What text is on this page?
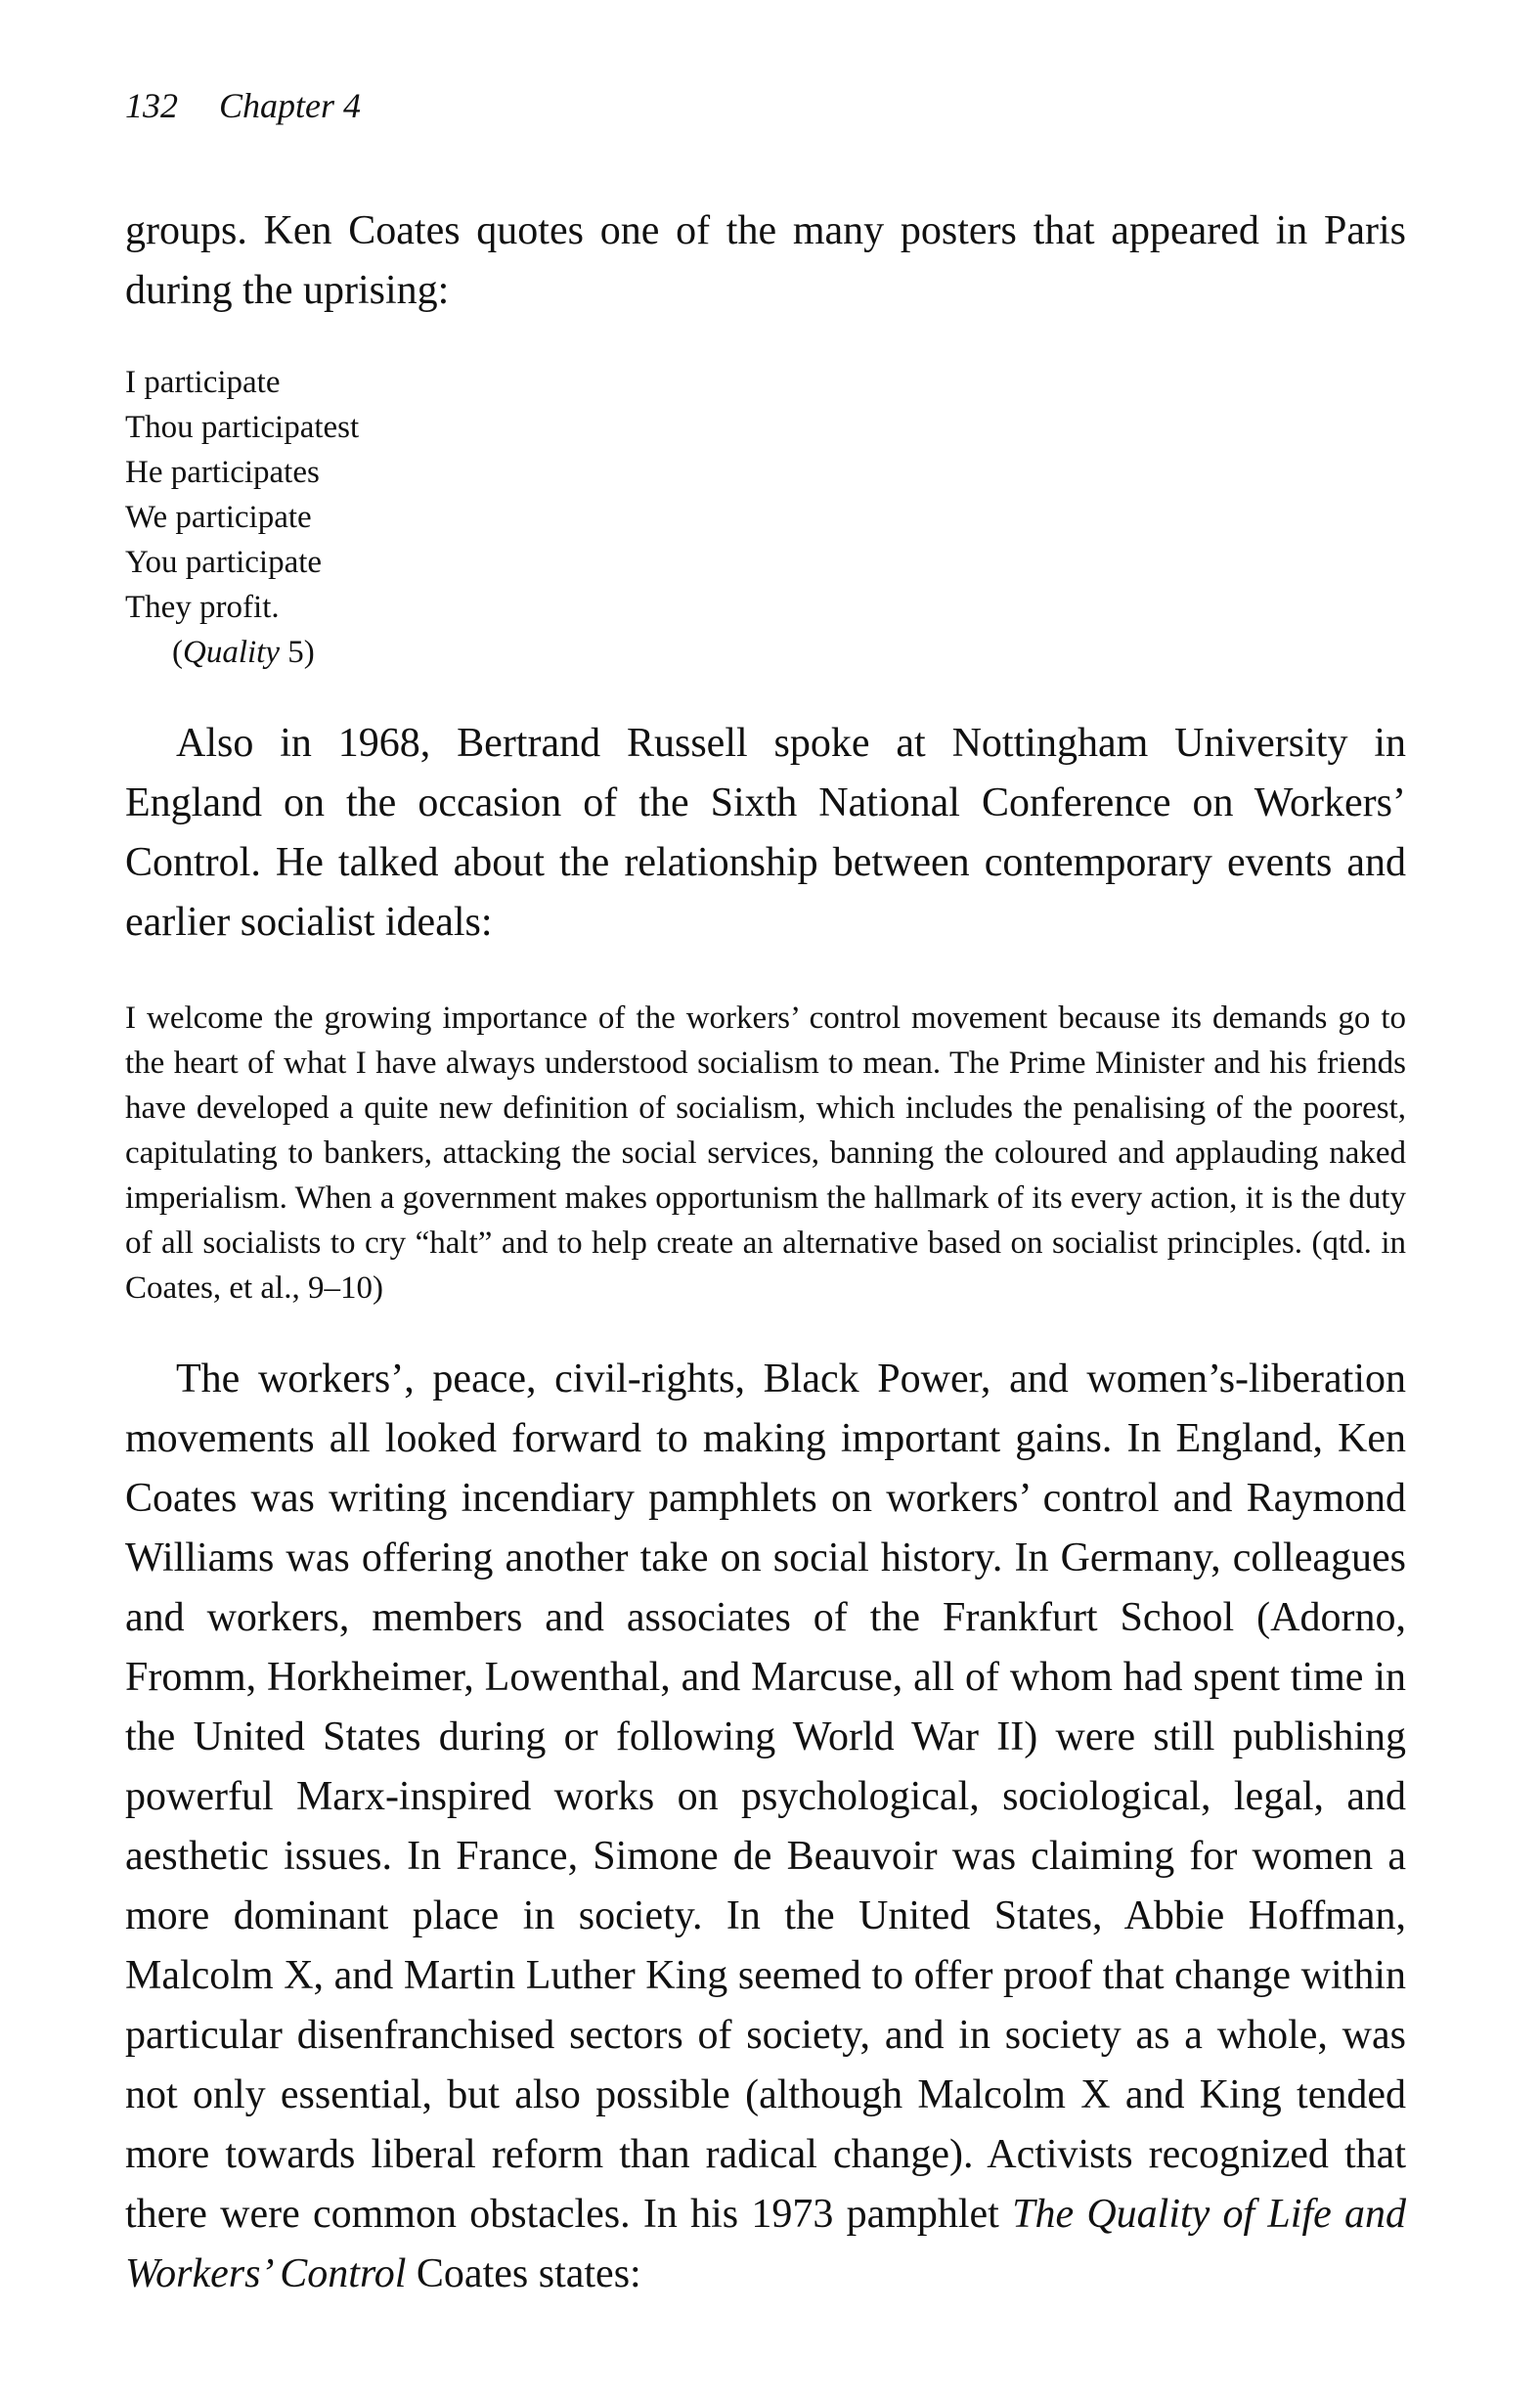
132 Chapter 4

groups. Ken Coates quotes one of the many posters that appeared in Paris during the uprising:

I participate
Thou participatest
He participates
We participate
You participate
They profit.
(Quality 5)

Also in 1968, Bertrand Russell spoke at Nottingham University in England on the occasion of the Sixth National Conference on Workers’ Control. He talked about the relationship between contemporary events and earlier socialist ideals:

I welcome the growing importance of the workers’ control movement because its demands go to the heart of what I have always understood socialism to mean. The Prime Minister and his friends have developed a quite new definition of socialism, which includes the penalising of the poorest, capitulating to bankers, attacking the social services, banning the coloured and applauding naked imperialism. When a government makes opportunism the hallmark of its every action, it is the duty of all socialists to cry “halt” and to help create an alternative based on socialist principles. (qtd. in Coates, et al., 9–10)

The workers’, peace, civil-rights, Black Power, and women’s-liberation movements all looked forward to making important gains. In England, Ken Coates was writing incendiary pamphlets on workers’ control and Raymond Williams was offering another take on social history. In Germany, colleagues and workers, members and associates of the Frankfurt School (Adorno, Fromm, Horkheimer, Lowenthal, and Marcuse, all of whom had spent time in the United States during or following World War II) were still publishing powerful Marx-inspired works on psychological, sociological, legal, and aesthetic issues. In France, Simone de Beauvoir was claiming for women a more dominant place in society. In the United States, Abbie Hoffman, Malcolm X, and Martin Luther King seemed to offer proof that change within particular disenfranchised sectors of society, and in society as a whole, was not only essential, but also possible (although Malcolm X and King tended more towards liberal reform than radical change). Activists recognized that there were common obstacles. In his 1973 pamphlet The Quality of Life and Workers’ Control Coates states:
